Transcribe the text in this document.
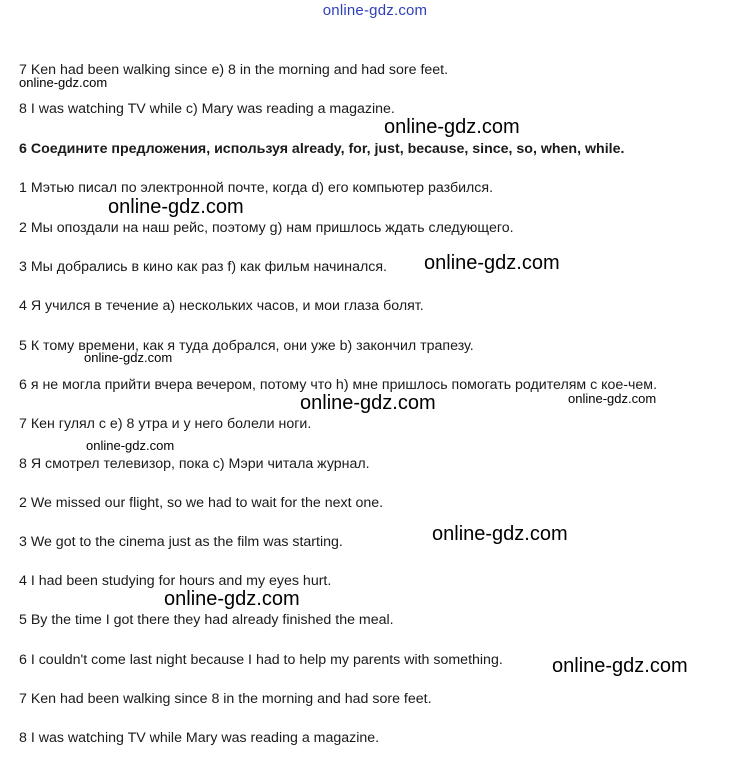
online-gdz.com
7 Ken had been walking since e) 8 in the morning and had sore feet.
8 I was watching TV while c) Mary was reading a magazine.
6 Соедините предложения, используя already, for, just, because, since, so, when, while.
1 Мэтью писал по электронной почте, когда d) его компьютер разбился.
2 Мы опоздали на наш рейс, поэтому g) нам пришлось ждать следующего.
3 Мы добрались в кино как раз f) как фильм начинался.
4 Я учился в течение a) нескольких часов, и мои глаза болят.
5 К тому времени, как я туда добрался, они уже b) закончил трапезу.
6 я не могла прийти вчера вечером, потому что h) мне пришлось помогать родителям с кое-чем.
7 Кен гулял с e) 8 утра и у него болели ноги.
8 Я смотрел телевизор, пока c) Мэри читала журнал.
2 We missed our flight, so we had to wait for the next one.
3 We got to the cinema just as the film was starting.
4 I had been studying for hours and my eyes hurt.
5 By the time I got there they had already finished the meal.
6 I couldn't come last night because I had to help my parents with something.
7 Ken had been walking since 8 in the morning and had sore feet.
8 I was watching TV while Mary was reading a magazine.
online-gdz.com
online-gdz.com
online-gdz.com
online-gdz.com
online-gdz.com
online-gdz.com	online-gdz.com
online-gdz.com
online-gdz.com
online-gdz.com
online-gdz.com
